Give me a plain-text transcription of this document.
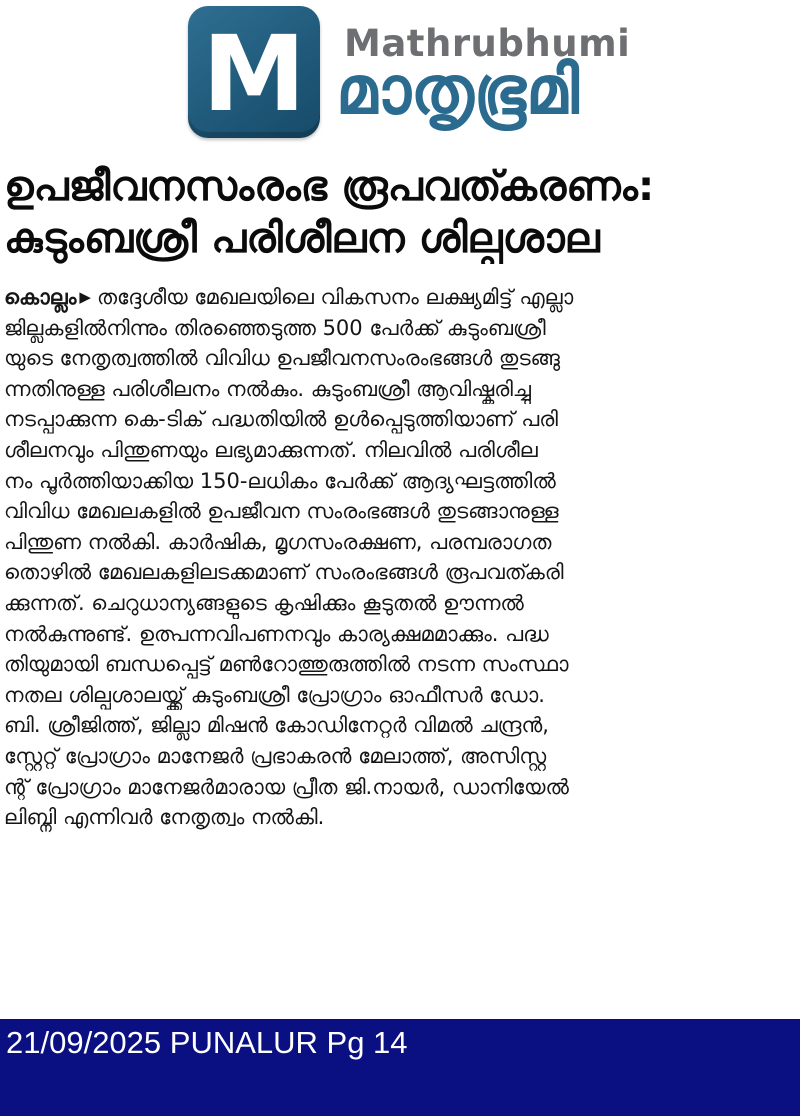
M Mathrubhumi
മാതൃഭൂമി
ഉപജീവനസംരംഭ രൂപവത്കരണം:
കുടുംബശ്രീ പരിശീലന ശില്പശാല
കൊല്ലം ▶ തദ്ദേശീയ മേഖലയിലെ വികസനം ലക്ഷ്യമിട്ട് എല്ലാ
ജില്ലകളിൽനിന്നും തിരഞ്ഞെടുത്ത 500 പേർക്ക് കുടുംബശ്രീ
യുടെ നേതൃത്വത്തിൽ വിവിധ ഉപജീവനസംരംഭങ്ങൾ തുടങ്ങു
ന്നതിനുള്ള പരിശീലനം നൽകും. കുടുംബശ്രീ ആവിഷ്കരിച്ചു
നടപ്പാക്കുന്ന കെ-ടിക് പദ്ധതിയിൽ ഉൾപ്പെടുത്തിയാണ് പരി
ശീലനവും പിന്തുണയും ലഭ്യമാക്കുന്നത്. നിലവിൽ പരിശീല
നം പൂർത്തിയാക്കിയ 150-ലധികം പേർക്ക് ആദ്യഘട്ടത്തിൽ
വിവിധ മേഖലകളിൽ ഉപജീവന സംരംഭങ്ങൾ തുടങ്ങാനുള്ള
പിന്തുണ നൽകി. കാർഷിക, മൃഗസംരക്ഷണ, പരമ്പരാഗത
തൊഴിൽ മേഖലകളിലടക്കമാണ് സംരംഭങ്ങൾ രൂപവത്കരി
ക്കുന്നത്. ചെറുധാന്യങ്ങളുടെ കൃഷിക്കും കൂടുതൽ ഊന്നൽ
നൽകുന്നുണ്ട്. ഉത്പന്നവിപണനവും കാര്യക്ഷമമാക്കും. പദ്ധ
തിയുമായി ബന്ധപ്പെട്ട് മൺറോത്തുരുത്തിൽ നടന്ന സംസ്ഥാ
നതല ശില്പശാലയ്ക്ക് കുടുംബശ്രീ പ്രോഗ്രാം ഓഫീസർ ഡോ.
ബി. ശ്രീജിത്ത്, ജില്ലാ മിഷൻ കോഡിനേറ്റർ വിമൽ ചന്ദ്രൻ,
സ്റ്റേറ്റ് പ്രോഗ്രാം മാനേജർ പ്രഭാകരൻ മേലാത്ത്, അസിസ്റ്റ
ന്റ് പ്രോഗ്രാം മാനേജർമാരായ പ്രീത ജി.നായർ, ഡാനിയേൽ
ലിബ്നി എന്നിവർ നേതൃത്വം നൽകി.
21/09/2025 PUNALUR Pg 14
